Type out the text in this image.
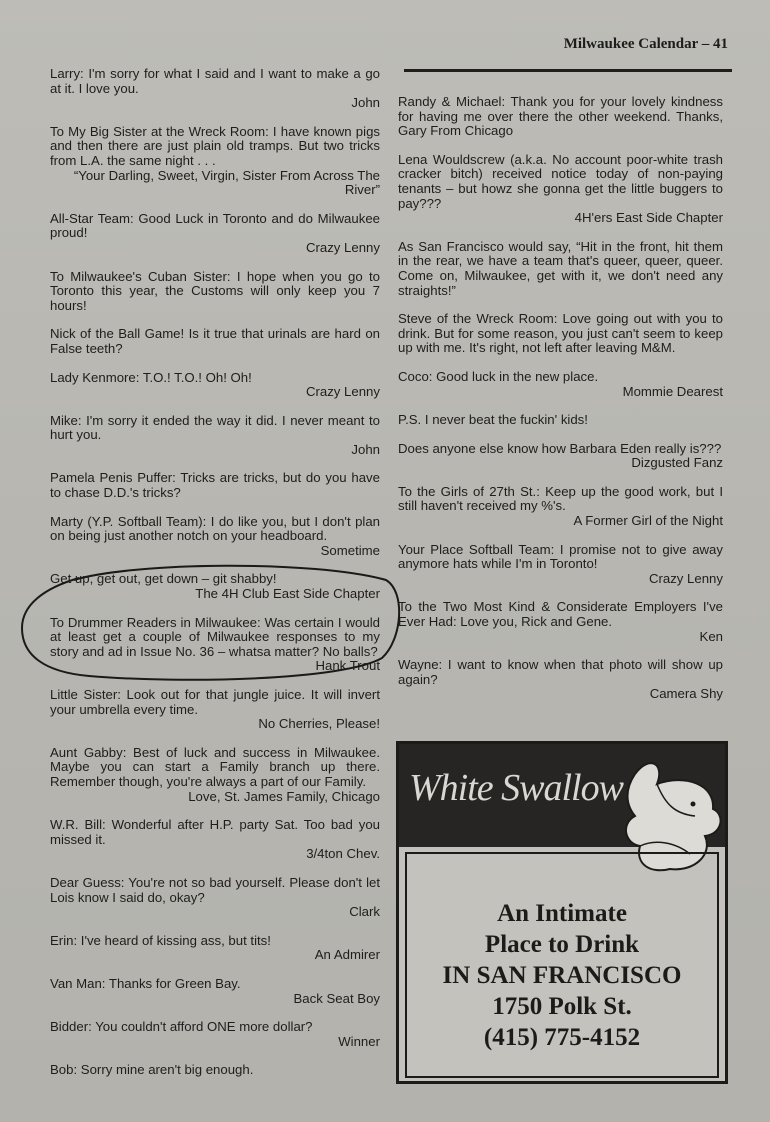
Milwaukee Calendar – 41
Larry: I'm sorry for what I said and I want to make a go at it. I love you.
John
To My Big Sister at the Wreck Room: I have known pigs and then there are just plain old tramps. But two tricks from L.A. the same night . . .
“Your Darling, Sweet, Virgin, Sister From Across The River”
All-Star Team: Good Luck in Toronto and do Milwaukee proud!
Crazy Lenny
To Milwaukee's Cuban Sister: I hope when you go to Toronto this year, the Customs will only keep you 7 hours!
Nick of the Ball Game! Is it true that urinals are hard on False teeth?
Lady Kenmore: T.O.! T.O.! Oh! Oh!
Crazy Lenny
Mike: I'm sorry it ended the way it did. I never meant to hurt you.
John
Pamela Penis Puffer: Tricks are tricks, but do you have to chase D.D.'s tricks?
Marty (Y.P. Softball Team): I do like you, but I don't plan on being just another notch on your headboard.
Sometime
Get up, get out, get down – git shabby!
The 4H Club East Side Chapter
To Drummer Readers in Milwaukee: Was certain I would at least get a couple of Milwaukee responses to my story and ad in Issue No. 36 – whatsa matter? No balls?
Hank Trout
Little Sister: Look out for that jungle juice. It will invert your umbrella every time.
No Cherries, Please!
Aunt Gabby: Best of luck and success in Milwaukee. Maybe you can start a Family branch up there. Remember though, you're always a part of our Family.
Love, St. James Family, Chicago
W.R. Bill: Wonderful after H.P. party Sat. Too bad you missed it.
3/4ton Chev.
Dear Guess: You're not so bad yourself. Please don't let Lois know I said do, okay?
Clark
Erin: I've heard of kissing ass, but tits!
An Admirer
Van Man: Thanks for Green Bay.
Back Seat Boy
Bidder: You couldn't afford ONE more dollar?
Winner
Bob: Sorry mine aren't big enough.
Randy & Michael: Thank you for your lovely kindness for having me over there the other weekend. Thanks, Gary From Chicago
Lena Wouldscrew (a.k.a. No account poor-white trash cracker bitch) received notice today of non-paying tenants – but howz she gonna get the little buggers to pay???
4H'ers East Side Chapter
As San Francisco would say, “Hit in the front, hit them in the rear, we have a team that's queer, queer, queer. Come on, Milwaukee, get with it, we don't need any straights!”
Steve of the Wreck Room: Love going out with you to drink. But for some reason, you just can't seem to keep up with me. It's right, not left after leaving M&M.
Coco: Good luck in the new place.
Mommie Dearest
P.S. I never beat the fuckin' kids!
Does anyone else know how Barbara Eden really is???
Dizgusted Fanz
To the Girls of 27th St.: Keep up the good work, but I still haven't received my %'s.
A Former Girl of the Night
Your Place Softball Team: I promise not to give away anymore hats while I'm in Toronto!
Crazy Lenny
To the Two Most Kind & Considerate Employers I've Ever Had: Love you, Rick and Gene.
Ken
Wayne: I want to know when that photo will show up again?
Camera Shy
White Swallow
An Intimate
Place to Drink
IN SAN FRANCISCO
1750 Polk St.
(415) 775-4152
